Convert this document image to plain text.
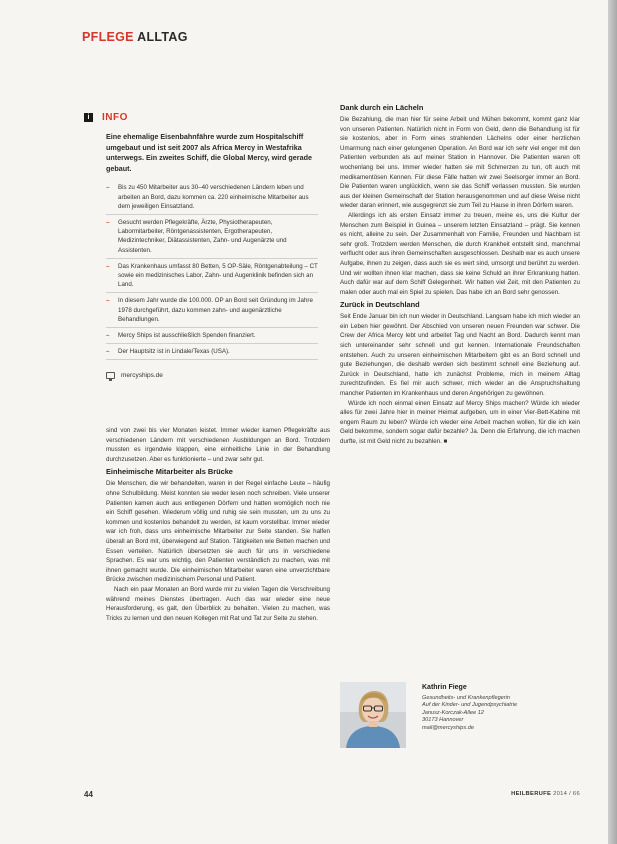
PFLEGE ALLTAG
i	INFO

Eine ehemalige Eisenbahnfähre wurde zum Hospitalschiff umgebaut und ist seit 2007 als Africa Mercy in Westafrika unterwegs. Ein zweites Schiff, die Global Mercy, wird gerade gebaut.

– Bis zu 450 Mitarbeiter aus 30–40 verschiedenen Ländern leben und arbeiten an Bord, dazu kommen ca. 220 einheimische Mitarbeiter aus dem jeweiligen Einsatzland.
– Gesucht werden Pflegekräfte, Ärzte, Physiotherapeuten, Labormitarbeiter, Röntgenassistenten, Ergotherapeuten, Medizintechniker, Diätassistenten, Zahn- und Augenärzte und Assistenten.
– Das Krankenhaus umfasst 80 Betten, 5 OP-Säle, Röntgenabteilung – CT sowie ein medizinisches Labor, Zahn- und Augenklinik befinden sich an Land.
– In diesem Jahr wurde die 100.000. OP an Bord seit Gründung im Jahre 1978 durchgeführt, dazu kommen zahn- und augenärztliche Behandlungen.
– Mercy Ships ist ausschließlich Spenden finanziert.
– Der Hauptsitz ist in Lindale/Texas (USA).
mercyships.de

sind von zwei bis vier Monaten leistet. Immer wieder kamen Pflegekräfte aus verschiedenen Ländern mit verschiedenen Ausbildungen an Bord. Trotzdem mussten es irgendwie klappen, eine einheitliche Linie in der Behandlung durchzusetzen. Aber es funktionierte – und zwar sehr gut.

Einheimische Mitarbeiter als Brücke

Die Menschen, die wir behandelten, waren in der Regel einfache Leute – häufig ohne Schulbildung. Meist konnten sie weder lesen noch schreiben. Viele unserer Patienten kamen auch aus entlegenen Dörfern und hatten womöglich noch nie ein Schiff gesehen. Wiederum völlig und ruhig sie sein mussten, um zu uns zu kommen und kostenlos behandelt zu werden, ist kaum vorstellbar. Immer wieder war ich froh, dass uns einheimische Mitarbeiter zur Seite standen. Sie halfen überall an Bord mit, überwiegend auf Station. Tätigkeiten wie Betten machen und Essen verteilen. Natürlich übersetzten sie auch für uns in verschiedene Sprachen. Es war uns wichtig, den Patienten verständlich zu machen, was mit ihnen gemacht wurde. Die einheimischen Mitarbeiter waren eine unverzichtbare Brücke zwischen medizinischem Personal und Patient.

Nach ein paar Monaten an Bord wurde mir zu vielen Tagen die Verschreibung während meines Dienstes übertragen. Auch das war wieder eine neue Herausforderung, es galt, den Überblick zu behalten. Vielen zu machen, was Tricks zu lernen und den neuen Kollegen mit Rat und Tat zur Seite zu stehen.

Dank durch ein Lächeln

Die Bezahlung, die man hier für seine Arbeit und Mühen bekommt, kommt ganz klar von unseren Patienten. Natürlich nicht in Form von Geld, denn die Behandlung ist für sie kostenlos, aber in Form eines strahlenden Lächelns oder einer herzlichen Umarmung nach einer gelungenen Operation. An Bord war ich sehr viel enger mit den Patienten verbunden als auf meiner Station in Hannover. Die Patienten waren oft wochenlang bei uns. Immer wieder hatten sie mit Schmerzen zu tun, oft auch mit medikamentösen Kennen. Für diese Fälle hatten wir zwei Seelsorger immer an Bord. Die Patienten waren unglücklich, wenn sie das Schiff verlassen mussten. Sie wurden aus der kleinen Gemeinschaft der Station herausgenommen und auf diese Weise nicht wieder daran erinnert, wie ausgegrenzt sie zum Teil zu Hause in ihren Dörfern waren.

Allerdings ich als ersten Einsatz immer zu treuen, meine es, uns die Kultur der Menschen zum Beispiel in Guinea – unserem letzten Einsatzland – prägt. Sie kennen es nicht, alleine zu sein. Der Zusammenhalt von Familie, Freunden und Nachbarn ist sehr groß. Trotzdem werden Menschen, die durch Krankheit entstellt sind, manchmal verflucht oder aus ihren Gemeinschaften ausgeschlossen. Deshalb war es auch unsere Aufgabe, ihnen zu zeigen, dass auch sie es wert sind, umsorgt und berührt zu werden. Und wir wollten ihnen klar machen, dass sie keine Schuld an ihrer Erkrankung hatten. Auch dafür war auf dem Schiff Gelegenheit. Wir hatten viel Zeit, mit den Patienten zu malen oder auch mal ein Spiel zu spielen. Das habe ich an Bord sehr genossen.

Zurück in Deutschland

Seit Ende Januar bin ich nun wieder in Deutschland. Langsam habe ich mich wieder an ein Leben hier gewöhnt. Der Abschied von unseren neuen Freunden war schwer. Die Crew der Africa Mercy lebt und arbeitet Tag und Nacht an Bord. Dadurch kennt man sich untereinander sehr schnell und gut kennen. Internationale Freundschaften entstehen. Auch zu unseren einheimischen Mitarbeitern gibt es an Bord schnell und gute Beziehungen, die deshalb werden sich bestimmt schnell eine Beziehung auf. Zurück in Deutschland, hatte ich zunächst Probleme, mich in meinem Alltag zurechtzufinden. Es fiel mir auch schwer, mich wieder an die Anspruchshaltung mancher Patienten im Krankenhaus und deren Angehörigen zu gewöhnen.

Würde ich noch einmal einen Einsatz auf Mercy Ships machen? Würde ich wieder alles für zwei Jahre hier in meiner Heimat aufgeben, um in einer Vier-Bett-Kabine mit engem Raum zu leben? Würde ich wieder eine Arbeit machen wollen, für die ich kein Geld bekomme, sondern sogar dafür bezahle? Ja. Denn die Erfahrung, die ich machen durfte, ist mit Geld nicht zu bezahlen. ■

Kathrin Fiege
Gesundheits- und Krankenpflegerin
Auf der Kinder- und Jugendpsychiatrie
Janusz-Korczak-Allee 12
30173 Hannover
mail@mercyships.de
44	HEILBERUFE 2014 / 66
